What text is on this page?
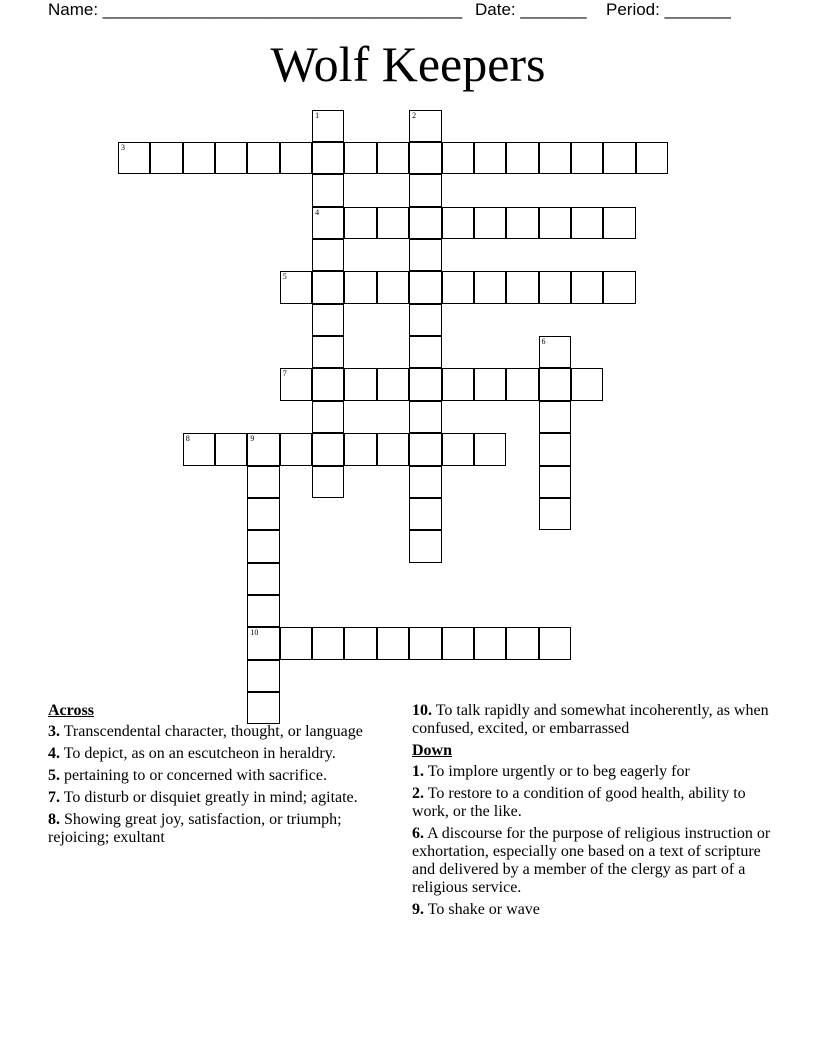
Name: ______________________________________ Date: _______ Period: _______
Wolf Keepers
1
4
2
3
5
6
7
8	9
10
Across
3. Transcendental character, thought, or language
4. To depict, as on an escutcheon in heraldry.
5. pertaining to or concerned with sacrifice.
7. To disturb or disquiet greatly in mind; agitate.
8. Showing great joy, satisfaction, or triumph; rejoicing; exultant
10. To talk rapidly and somewhat incoherently, as when confused, excited, or embarrassed
Down
1. To implore urgently or to beg eagerly for
2. To restore to a condition of good health, ability to work, or the like.
6. A discourse for the purpose of religious instruction or exhortation, especially one based on a text of scripture and delivered by a member of the clergy as part of a religious service.
9. To shake or wave
